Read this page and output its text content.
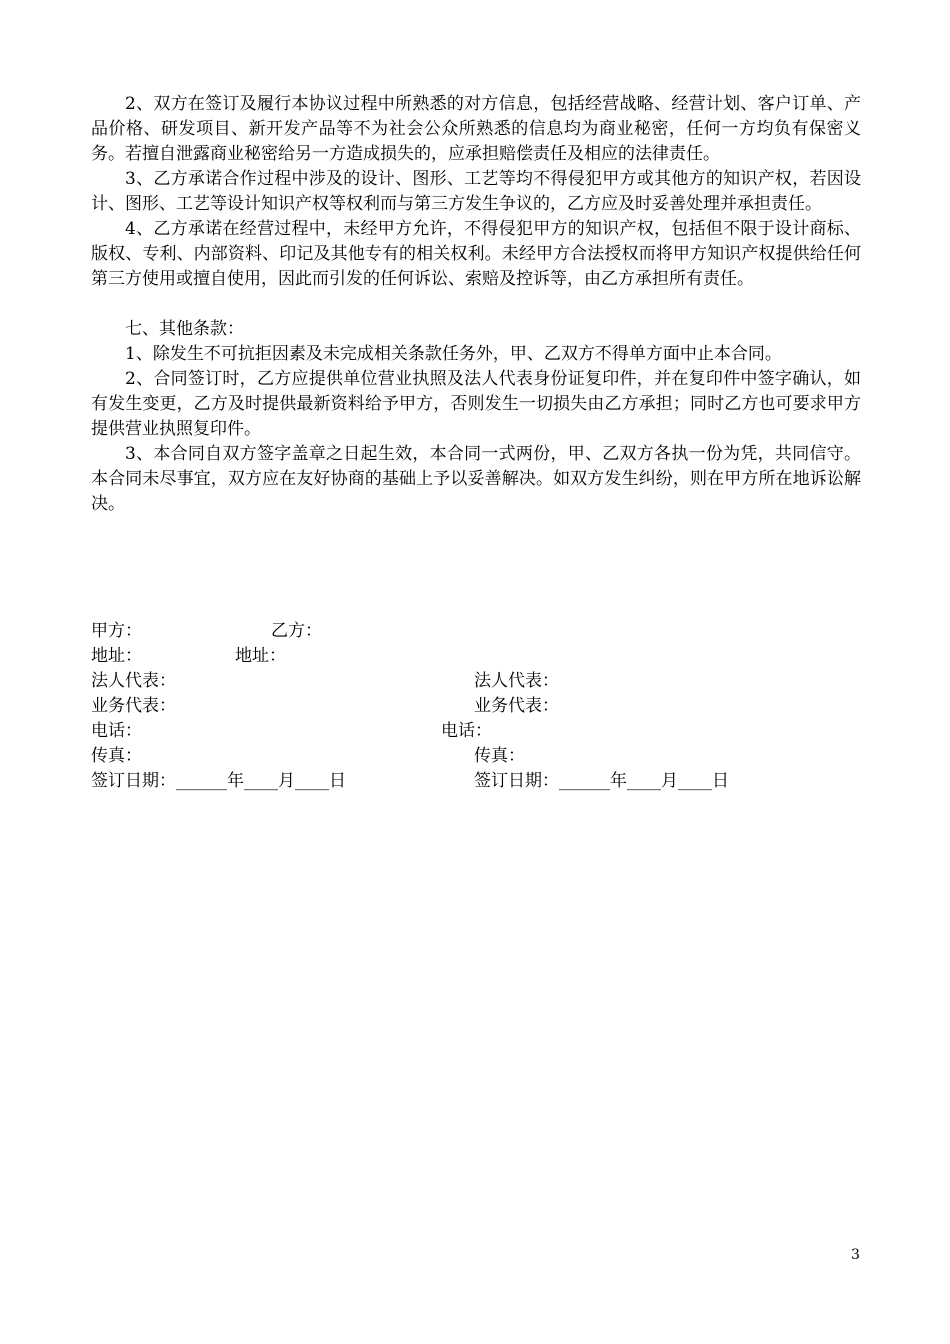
2、双方在签订及履行本协议过程中所熟悉的对方信息，包括经营战略、经营计划、客户订单、产品价格、研发项目、新开发产品等不为社会公众所熟悉的信息均为商业秘密，任何一方均负有保密义务。若擅自泄露商业秘密给另一方造成损失的，应承担赔偿责任及相应的法律责任。

3、乙方承诺合作过程中涉及的设计、图形、工艺等均不得侵犯甲方或其他方的知识产权，若因设计、图形、工艺等设计知识产权等权利而与第三方发生争议的，乙方应及时妥善处理并承担责任。

4、乙方承诺在经营过程中，未经甲方允许，不得侵犯甲方的知识产权，包括但不限于设计商标、版权、专利、内部资料、印记及其他专有的相关权利。未经甲方合法授权而将甲方知识产权提供给任何第三方使用或擅自使用，因此而引发的任何诉讼、索赔及控诉等，由乙方承担所有责任。

七、其他条款：

1、除发生不可抗拒因素及未完成相关条款任务外，甲、乙双方不得单方面中止本合同。

2、合同签订时，乙方应提供单位营业执照及法人代表身份证复印件，并在复印件中签字确认，如有发生变更，乙方及时提供最新资料给予甲方，否则发生一切损失由乙方承担；同时乙方也可要求甲方提供营业执照复印件。

3、本合同自双方签字盖章之日起生效，本合同一式两份，甲、乙双方各执一份为凭，共同信守。本合同未尽事宜，双方应在友好协商的基础上予以妥善解决。如双方发生纠纷，则在甲方所在地诉讼解决。

甲方：	乙方：
地址：	地址：
法人代表：	法人代表：
业务代表：	业务代表：
电话：	电话：
传真：	传真：
签订日期：______年____月____日	签订日期：______年____月____日
3
